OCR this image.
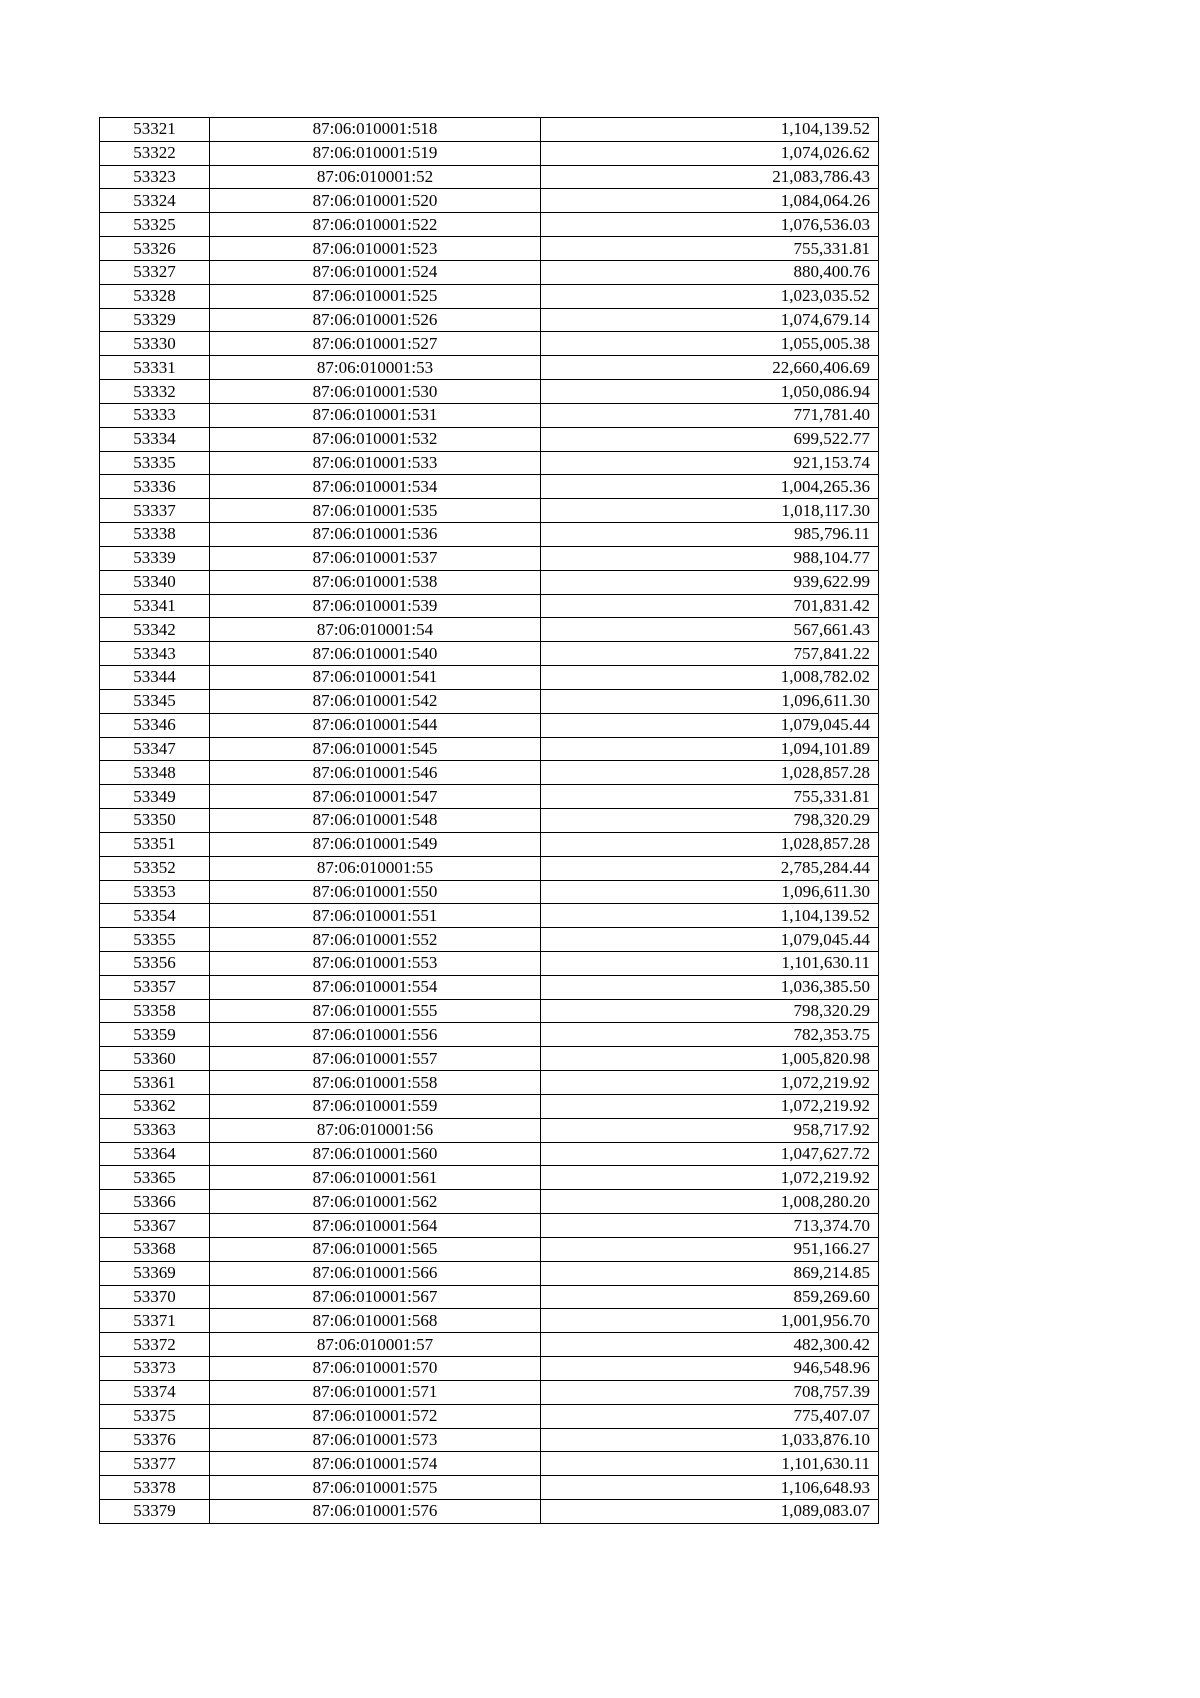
53321	87:06:010001:518	1,104,139.52
53322	87:06:010001:519	1,074,026.62
53323	87:06:010001:52	21,083,786.43
53324	87:06:010001:520	1,084,064.26
53325	87:06:010001:522	1,076,536.03
53326	87:06:010001:523	755,331.81
53327	87:06:010001:524	880,400.76
53328	87:06:010001:525	1,023,035.52
53329	87:06:010001:526	1,074,679.14
53330	87:06:010001:527	1,055,005.38
53331	87:06:010001:53	22,660,406.69
53332	87:06:010001:530	1,050,086.94
53333	87:06:010001:531	771,781.40
53334	87:06:010001:532	699,522.77
53335	87:06:010001:533	921,153.74
53336	87:06:010001:534	1,004,265.36
53337	87:06:010001:535	1,018,117.30
53338	87:06:010001:536	985,796.11
53339	87:06:010001:537	988,104.77
53340	87:06:010001:538	939,622.99
53341	87:06:010001:539	701,831.42
53342	87:06:010001:54	567,661.43
53343	87:06:010001:540	757,841.22
53344	87:06:010001:541	1,008,782.02
53345	87:06:010001:542	1,096,611.30
53346	87:06:010001:544	1,079,045.44
53347	87:06:010001:545	1,094,101.89
53348	87:06:010001:546	1,028,857.28
53349	87:06:010001:547	755,331.81
53350	87:06:010001:548	798,320.29
53351	87:06:010001:549	1,028,857.28
53352	87:06:010001:55	2,785,284.44
53353	87:06:010001:550	1,096,611.30
53354	87:06:010001:551	1,104,139.52
53355	87:06:010001:552	1,079,045.44
53356	87:06:010001:553	1,101,630.11
53357	87:06:010001:554	1,036,385.50
53358	87:06:010001:555	798,320.29
53359	87:06:010001:556	782,353.75
53360	87:06:010001:557	1,005,820.98
53361	87:06:010001:558	1,072,219.92
53362	87:06:010001:559	1,072,219.92
53363	87:06:010001:56	958,717.92
53364	87:06:010001:560	1,047,627.72
53365	87:06:010001:561	1,072,219.92
53366	87:06:010001:562	1,008,280.20
53367	87:06:010001:564	713,374.70
53368	87:06:010001:565	951,166.27
53369	87:06:010001:566	869,214.85
53370	87:06:010001:567	859,269.60
53371	87:06:010001:568	1,001,956.70
53372	87:06:010001:57	482,300.42
53373	87:06:010001:570	946,548.96
53374	87:06:010001:571	708,757.39
53375	87:06:010001:572	775,407.07
53376	87:06:010001:573	1,033,876.10
53377	87:06:010001:574	1,101,630.11
53378	87:06:010001:575	1,106,648.93
53379	87:06:010001:576	1,089,083.07
